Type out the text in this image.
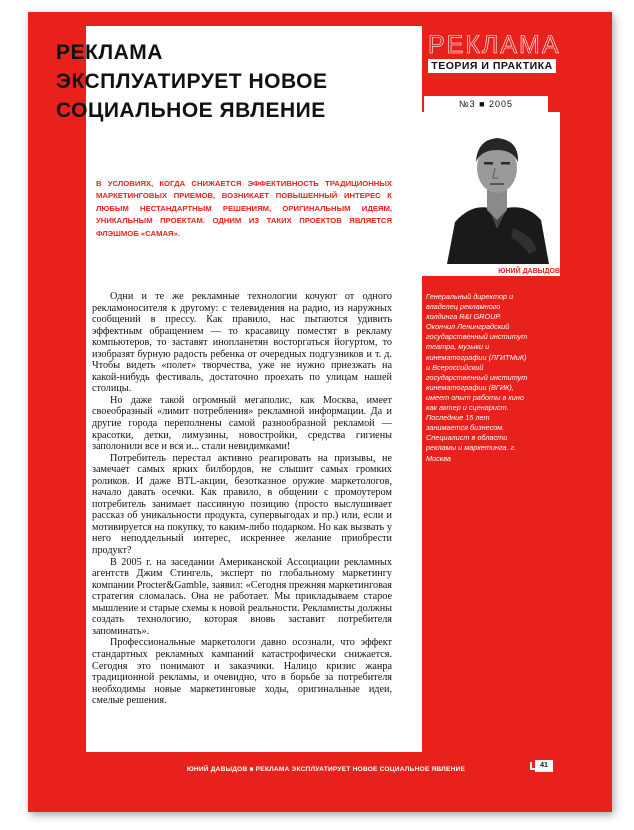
РЕКЛАМА
ЭКСПЛУАТИРУЕТ НОВОЕ
СОЦИАЛЬНОЕ ЯВЛЕНИЕ
В УСЛОВИЯХ, КОГДА СНИЖАЕТСЯ ЭФФЕКТИВНОСТЬ ТРАДИЦИОННЫХ МАРКЕТИНГОВЫХ ПРИЕМОВ, ВОЗНИКАЕТ ПОВЫШЕННЫЙ ИНТЕРЕС К ЛЮБЫМ НЕСТАНДАРТНЫМ РЕШЕНИЯМ, ОРИГИНАЛЬНЫМ ИДЕЯМ, УНИКАЛЬНЫМ ПРОЕКТАМ. ОДНИМ ИЗ ТАКИХ ПРОЕКТОВ ЯВЛЯЕТСЯ ФЛЭШМОБ «САМАЯ».

Одни и те же рекламные технологии кочуют от одного рекламоносителя к другому: с телевидения на радио, из наружных сообщений в прессу. Как правило, нас пытаются удивить эффектным обращением — то красавицу поместят в рекламу компьютеров, то заставят инопланетян восторгаться йогуртом, то изобразят бурную радость ребенка от очередных подгузников и т. д. Чтобы видеть «полет» творчества, уже не нужно приезжать на какой-нибудь фестиваль, достаточно проехать по улицам нашей столицы.

Но даже такой огромный мегаполис, как Москва, имеет своеобразный «лимит потребления» рекламной информации. Да и другие города переполнены самой разнообразной рекламой — красотки, детки, лимузины, новостройки, средства гигиены заполонили все и вся и... стали невидимками!

Потребитель перестал активно реагировать на призывы, не замечает самых ярких билбордов, не слышит самых громких роликов. И даже BTL-акции, безотказное оружие маркетологов, начало давать осечки. Как правило, в общении с промоутером потребитель занимает пассивную позицию (просто выслушивает рассказ об уникальности продукта, супервыгодах и пр.) или, если и мотивируется на покупку, то каким-либо подарком. Но как вызвать у него неподдельный интерес, искреннее желание приобрести продукт?

В 2005 г. на заседании Американской Ассоциации рекламных агентств Джим Стингель, эксперт по глобальному маркетингу компании Procter&Gamble, заявил: «Сегодня прежняя маркетинговая стратегия сломалась. Она не работает. Мы прикладываем старое мышление и старые схемы к новой реальности. Рекламисты должны создать технологию, которая вновь заставит потребителя запоминать».

Профессиональные маркетологи давно осознали, что эффект стандартных рекламных кампаний катастрофически снижается. Сегодня это понимают и заказчики. Налицо кризис жанра традиционной рекламы, и очевидно, что в борьбе за потребителя необходимы новые маркетинговые ходы, оригинальные идеи, смелые решения.

РЕКЛАМА
ТЕОРИЯ И ПРАКТИКА
№3 ■ 2005
ЮНИЙ ДАВЫДОВ
Генеральный директор и владелец рекламного холдинга R&I GROUP. Окончил Ленинградский государственный институт театра, музыки и кинематографии (ЛГИТМиК) и Всероссийский государственный институт кинематографии (ВГИК), имеет опыт работы в кино как актер и сценарист. Последние 15 лет занимается бизнесом. Специалист в области рекламы и маркетинга. г. Москва
ЮНИЙ ДАВЫДОВ ■ РЕКЛАМА ЭКСПЛУАТИРУЕТ НОВОЕ СОЦИАЛЬНОЕ ЯВЛЕНИЕ
41
